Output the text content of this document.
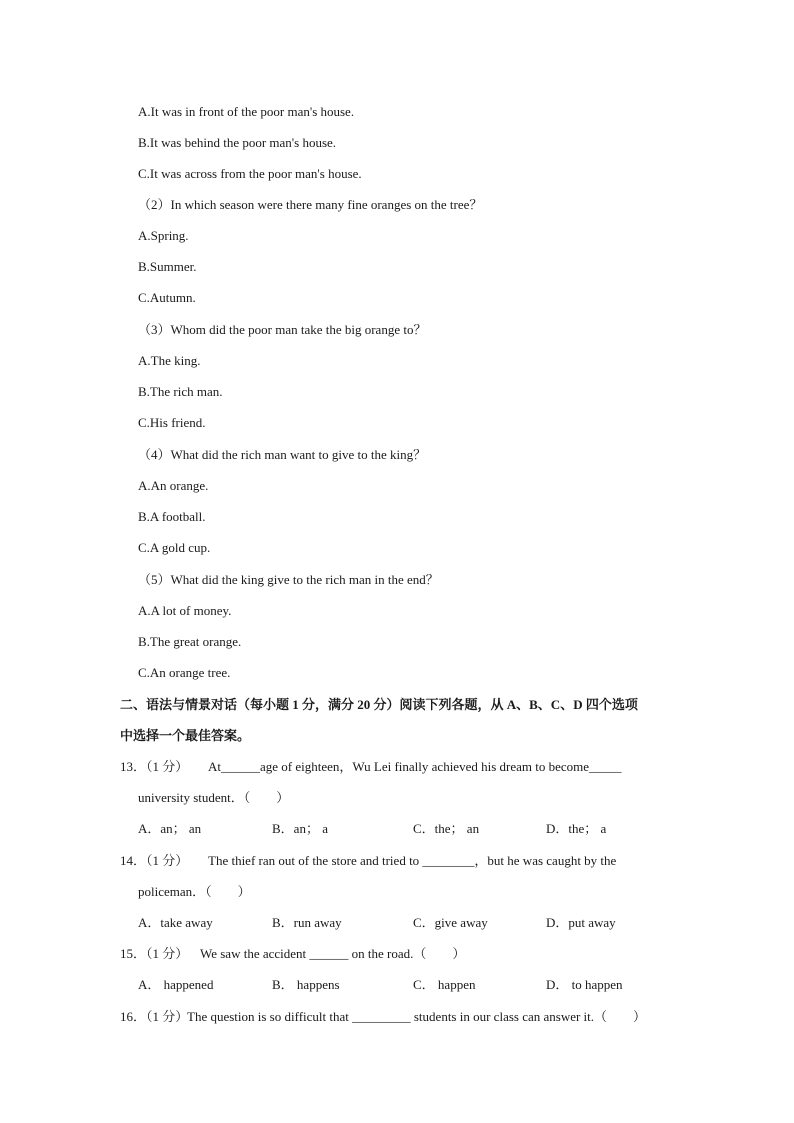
A.It was in front of the poor man's house.
B.It was behind the poor man's house.
C.It was across from the poor man's house.
（2）In which season were there many fine oranges on the tree？
A.Spring.
B.Summer.
C.Autumn.
（3）Whom did the poor man take the big orange to？
A.The king.
B.The rich man.
C.His friend.
（4）What did the rich man want to give to the king？
A.An orange.
B.A football.
C.A gold cup.
（5）What did the king give to the rich man in the end？
A.A lot of money.
B.The great orange.
C.An orange tree.
二、语法与情景对话（每小题 1 分，满分 20 分）阅读下列各题，从 A、B、C、D 四个选项
中选择一个最佳答案。
13．（1 分） At______age of eighteen，Wu Lei finally achieved his dream to become_____
university student．（　　）
A．an； an	B．an； a	C．the； an	D．the； a
14．（1 分） The thief ran out of the store and tried to ________，but he was caught by the
policeman．（　　）
A．take away	B．run away	C．give away	D．put away
15．（1 分） We saw the accident ______ on the road.（　　）
A． happened	B． happens	C． happen	D． to happen
16．（1 分）
The question is so difficult that _________ students in our class can answer it.（　　）
